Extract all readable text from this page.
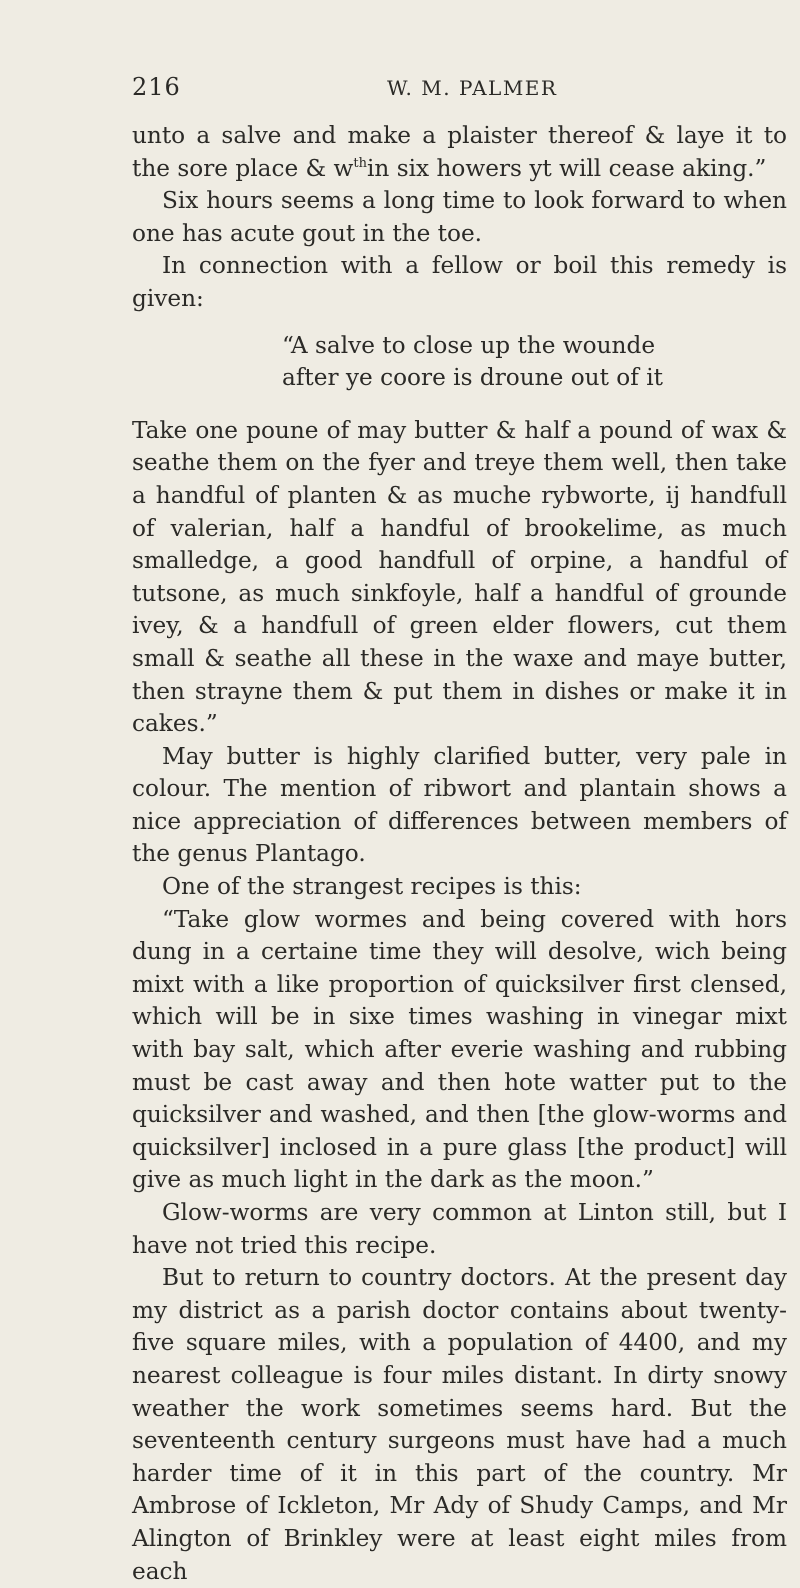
216	W. M. PALMER

unto a salve and make a plaister thereof & laye it to the sore place & $w^{th}in$ six howers yt will cease aking.”

Six hours seems a long time to look forward to when one has acute gout in the toe.

In connection with a fellow or boil this remedy is given:

“A salve to close up the wounde
after ye coore is droune out of it

Take one poune of may butter & half a pound of wax & seathe them on the fyer and treye them well, then take a handful of planten & as muche rybworte, ij handfull of valerian, half a handful of brookelime, as much smalledge, a good handfull of orpine, a handful of tutsone, as much sinkfoyle, half a handful of grounde ivey, & a handfull of green elder flowers, cut them small & seathe all these in the waxe and maye butter, then strayne them & put them in dishes or make it in cakes.”

May butter is highly clarified butter, very pale in colour. The mention of ribwort and plantain shows a nice appreciation of differences between members of the genus Plantago.

One of the strangest recipes is this:

“Take glow wormes and being covered with hors dung in a certaine time they will desolve, wich being mixt with a like proportion of quicksilver first clensed, which will be in sixe times washing in vinegar mixt with bay salt, which after everie washing and rubbing must be cast away and then hote watter put to the quicksilver and washed, and then [the glow-worms and quicksilver] inclosed in a pure glass [the product] will give as much light in the dark as the moon.”

Glow-worms are very common at Linton still, but I have not tried this recipe.

But to return to country doctors. At the present day my district as a parish doctor contains about twenty-five square miles, with a population of 4400, and my nearest colleague is four miles distant. In dirty snowy weather the work sometimes seems hard. But the seventeenth century surgeons must have had a much harder time of it in this part of the country. Mr Ambrose of Ickleton, Mr Ady of Shudy Camps, and Mr Alington of Brinkley were at least eight miles from each
